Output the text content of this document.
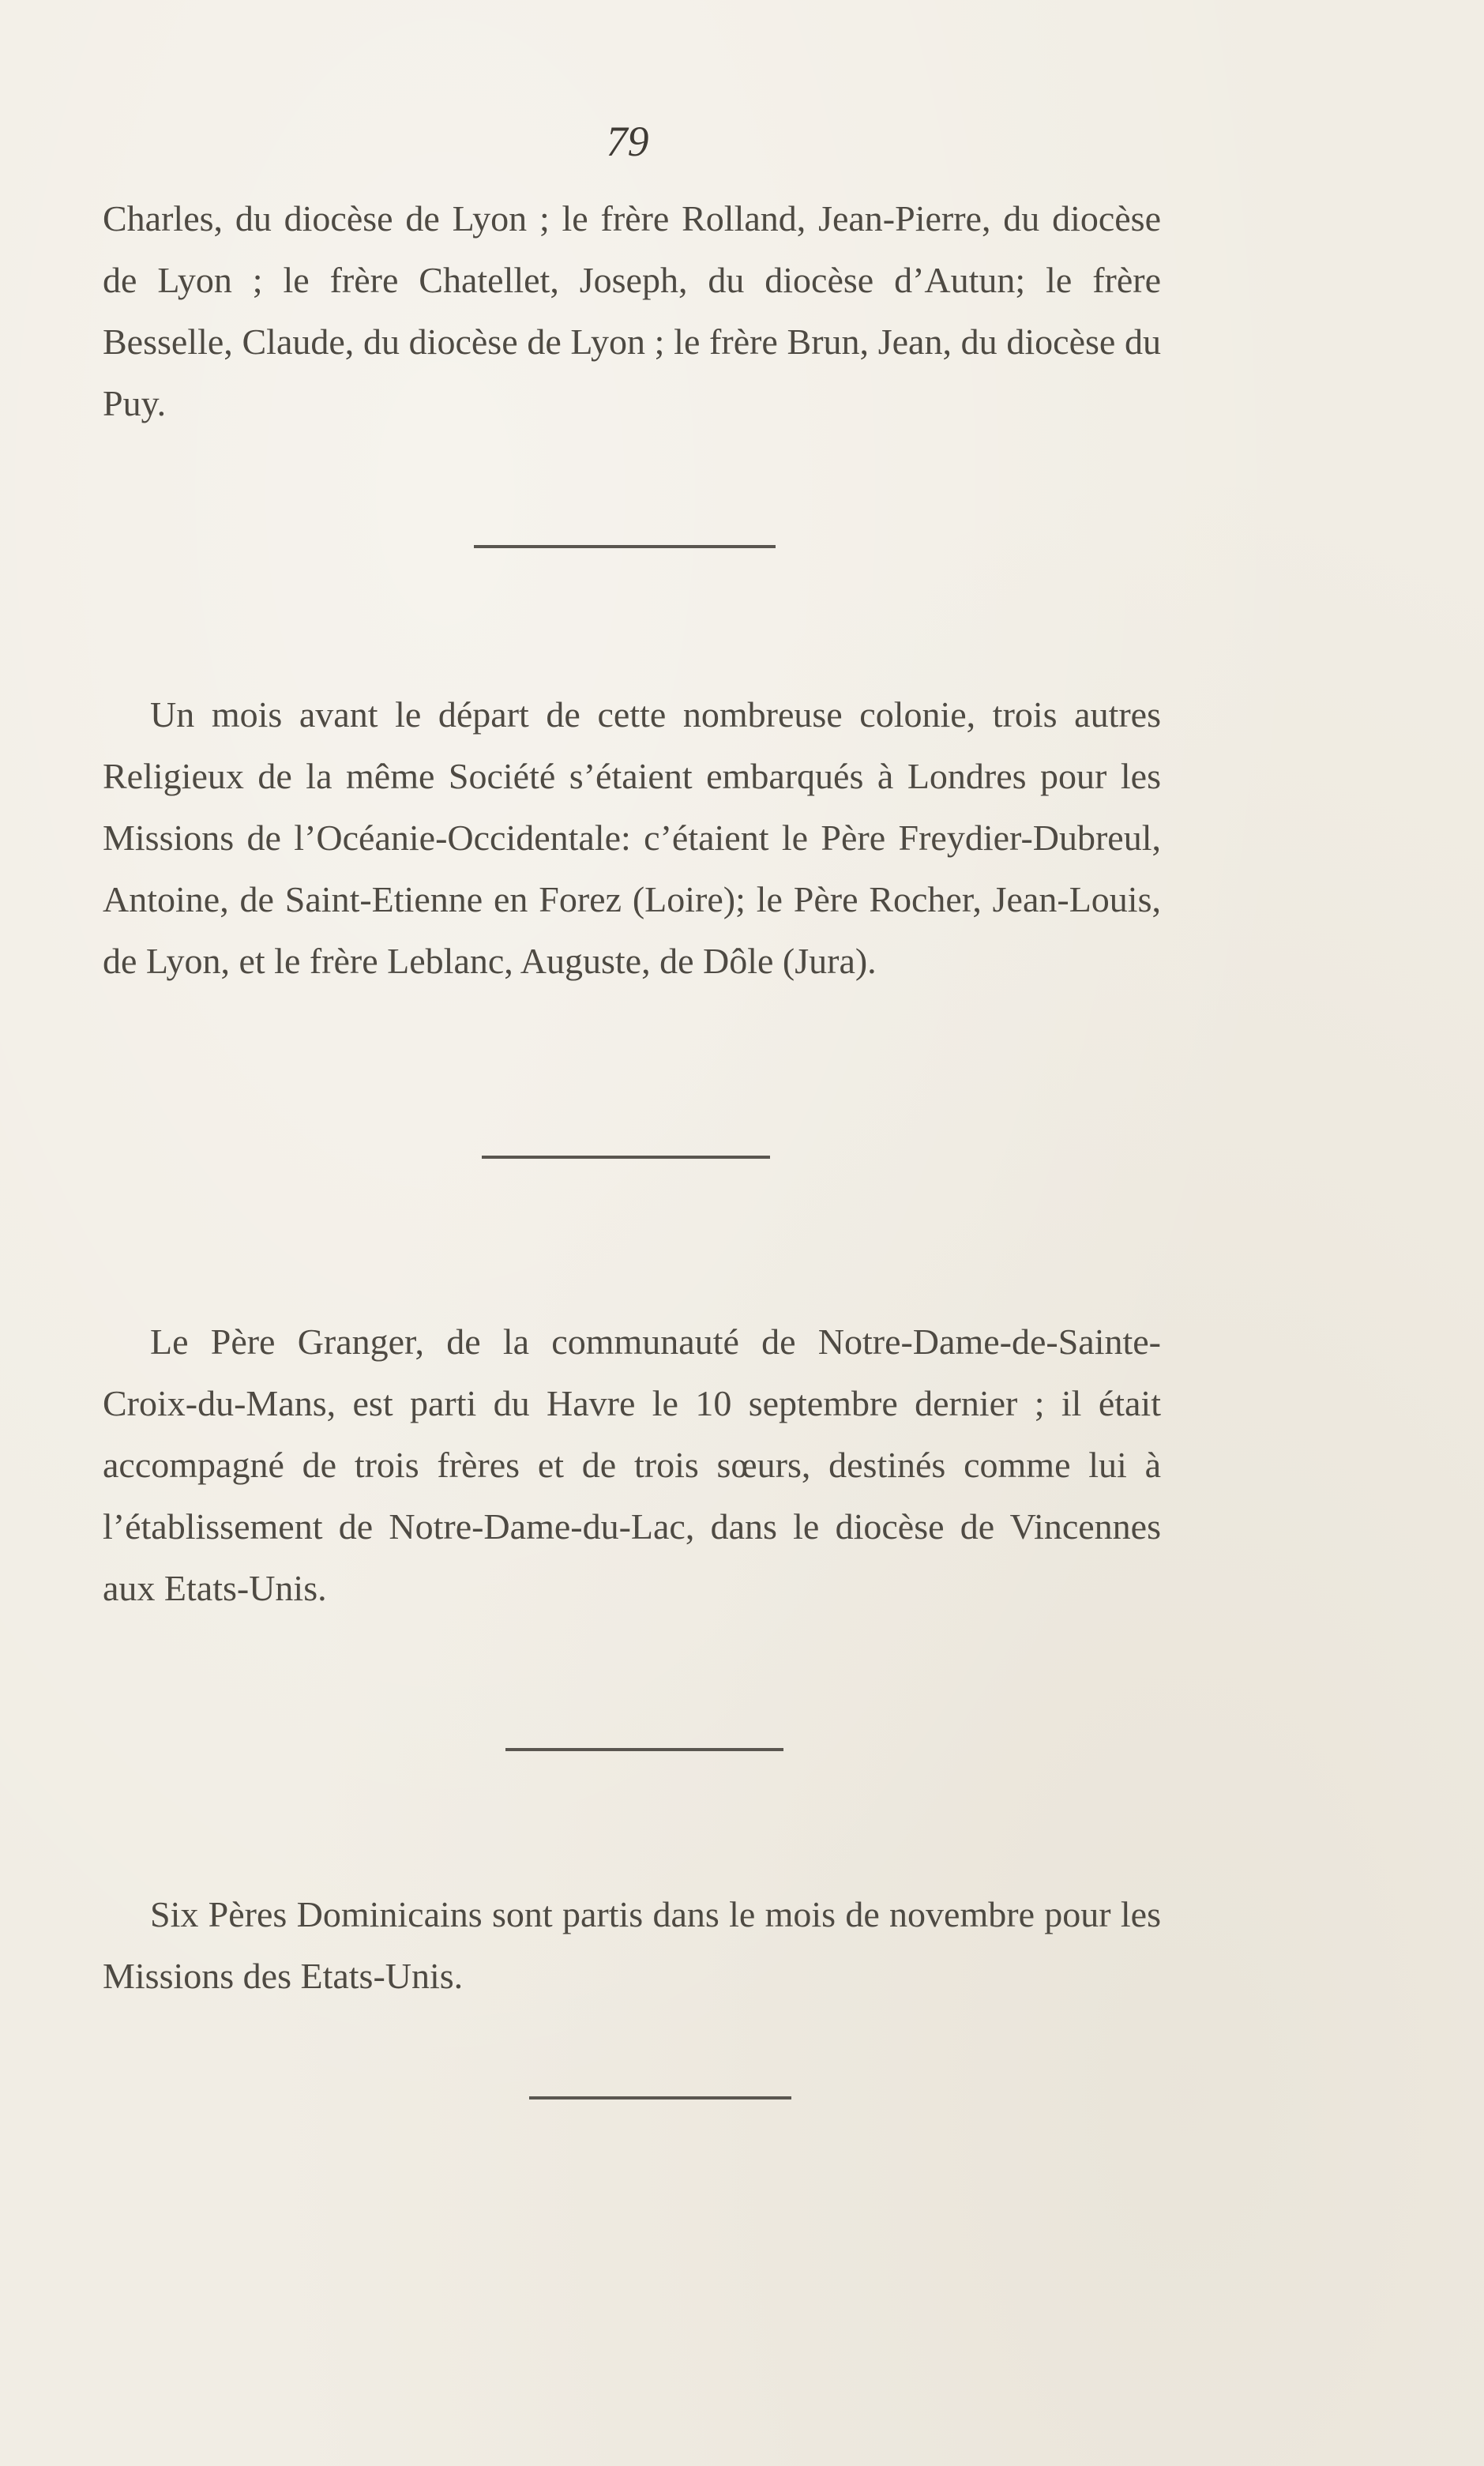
79

Charles, du diocèse de Lyon ; le frère Rolland, Jean-Pierre, du diocèse de Lyon ; le frère Chatellet, Joseph, du diocèse d’Autun; le frère Besselle, Claude, du diocèse de Lyon ; le frère Brun, Jean, du diocèse du Puy.

Un mois avant le départ de cette nombreuse colonie, trois autres Religieux de la même Société s’étaient embarqués à Londres pour les Missions de l’Océanie-Occidentale: c’étaient le Père Freydier-Dubreul, Antoine, de Saint-Etienne en Forez (Loire); le Père Rocher, Jean-Louis, de Lyon, et le frère Leblanc, Auguste, de Dôle (Jura).

Le Père Granger, de la communauté de Notre-Dame-de-Sainte-Croix-du-Mans, est parti du Havre le 10 septembre dernier ; il était accompagné de trois frères et de trois sœurs, destinés comme lui à l’établissement de Notre-Dame-du-Lac, dans le diocèse de Vincennes aux Etats-Unis.

Six Pères Dominicains sont partis dans le mois de novembre pour les Missions des Etats-Unis.
